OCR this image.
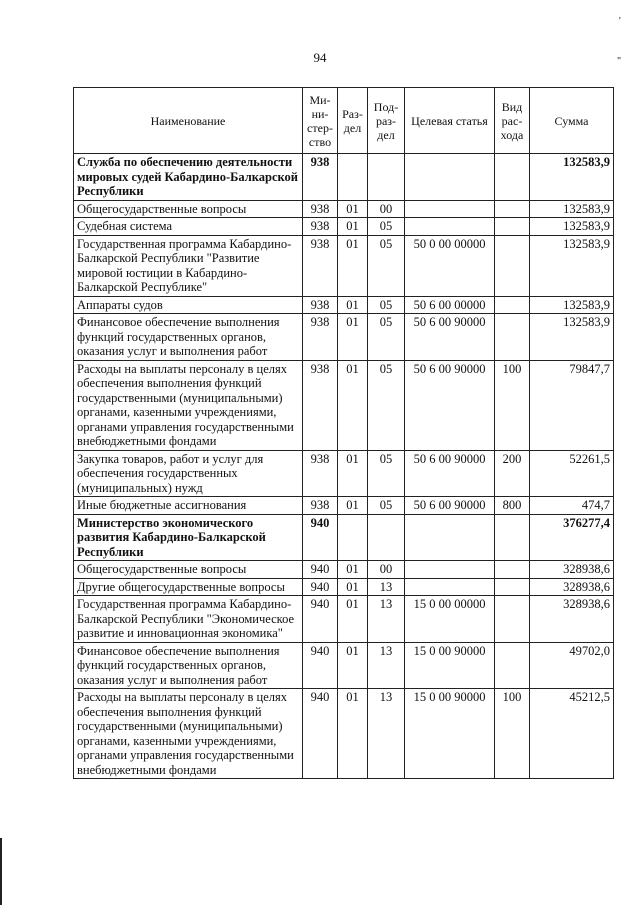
94
'
"
Наименование	Ми-ни-стер-ство	Раз-дел	Под-раз-дел	Целевая статья	Вид рас-хода	Сумма
Служба по обеспечению деятельности мировых судей Кабардино-Балкарской Республики	938					132583,9
Общегосударственные вопросы	938	01	00			132583,9
Судебная система	938	01	05			132583,9
Государственная программа Кабардино-Балкарской Республики "Развитие мировой юстиции в Кабардино-Балкарской Республике"	938	01	05	50 0 00 00000		132583,9
Аппараты судов	938	01	05	50 6 00 00000		132583,9
Финансовое обеспечение выполнения функций государственных органов, оказания услуг и выполнения работ	938	01	05	50 6 00 90000		132583,9
Расходы на выплаты персоналу в целях обеспечения выполнения функций государственными (муниципальными) органами, казенными учреждениями, органами управления государственными внебюджетными фондами	938	01	05	50 6 00 90000	100	79847,7
Закупка товаров, работ и услуг для обеспечения государственных (муниципальных) нужд	938	01	05	50 6 00 90000	200	52261,5
Иные бюджетные ассигнования	938	01	05	50 6 00 90000	800	474,7
Министерство экономического развития Кабардино-Балкарской Республики	940					376277,4
Общегосударственные вопросы	940	01	00			328938,6
Другие общегосударственные вопросы	940	01	13			328938,6
Государственная программа Кабардино-Балкарской Республики "Экономическое развитие и инновационная экономика"	940	01	13	15 0 00 00000		328938,6
Финансовое обеспечение выполнения функций государственных органов, оказания услуг и выполнения работ	940	01	13	15 0 00 90000		49702,0
Расходы на выплаты персоналу в целях обеспечения выполнения функций государственными (муниципальными) органами, казенными учреждениями, органами управления государственными внебюджетными фондами	940	01	13	15 0 00 90000	100	45212,5
